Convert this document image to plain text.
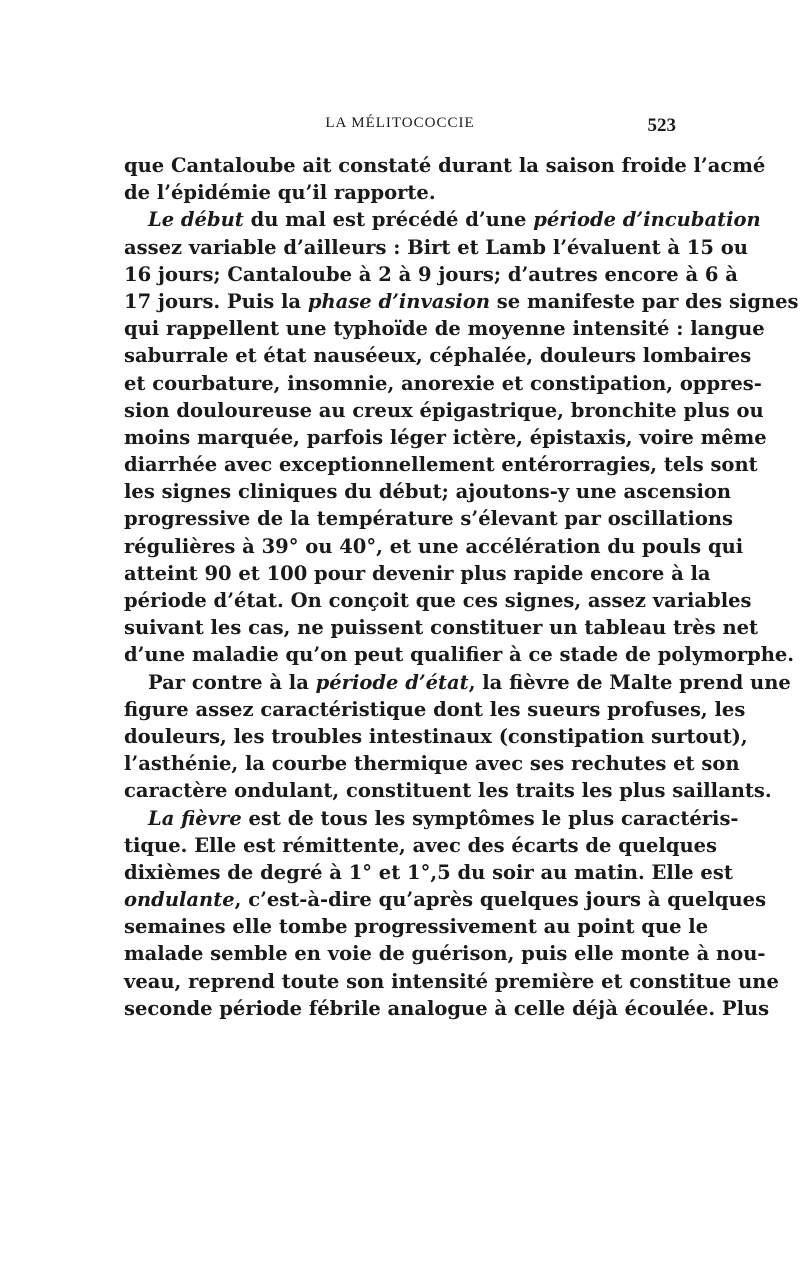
LA MÉLITOCOCCIE	523
que Cantaloube ait constaté durant la saison froide l’acmé
de l’épidémie qu’il rapporte.
Le début du mal est précédé d’une période d’incubation
assez variable d’ailleurs : Birt et Lamb l’évaluent à 15 ou
16 jours; Cantaloube à 2 à 9 jours; d’autres encore à 6 à
17 jours. Puis la phase d’invasion se manifeste par des signes
qui rappellent une typhoïde de moyenne intensité : langue
saburrale et état nauséeux, céphalée, douleurs lombaires
et courbature, insomnie, anorexie et constipation, oppres-
sion douloureuse au creux épigastrique, bronchite plus ou
moins marquée, parfois léger ictère, épistaxis, voire même
diarrhée avec exceptionnellement entérorragies, tels sont
les signes cliniques du début; ajoutons-y une ascension
progressive de la température s’élevant par oscillations
régulières à 39° ou 40°, et une accélération du pouls qui
atteint 90 et 100 pour devenir plus rapide encore à la
période d’état. On conçoit que ces signes, assez variables
suivant les cas, ne puissent constituer un tableau très net
d’une maladie qu’on peut qualifier à ce stade de polymorphe.
Par contre à la période d’état, la fièvre de Malte prend une
figure assez caractéristique dont les sueurs profuses, les
douleurs, les troubles intestinaux (constipation surtout),
l’asthénie, la courbe thermique avec ses rechutes et son
caractère ondulant, constituent les traits les plus saillants.
La fièvre est de tous les symptômes le plus caractéris-
tique. Elle est rémittente, avec des écarts de quelques
dixièmes de degré à 1° et 1°,5 du soir au matin. Elle est
ondulante, c’est-à-dire qu’après quelques jours à quelques
semaines elle tombe progressivement au point que le
malade semble en voie de guérison, puis elle monte à nou-
veau, reprend toute son intensité première et constitue une
seconde période fébrile analogue à celle déjà écoulée. Plus
